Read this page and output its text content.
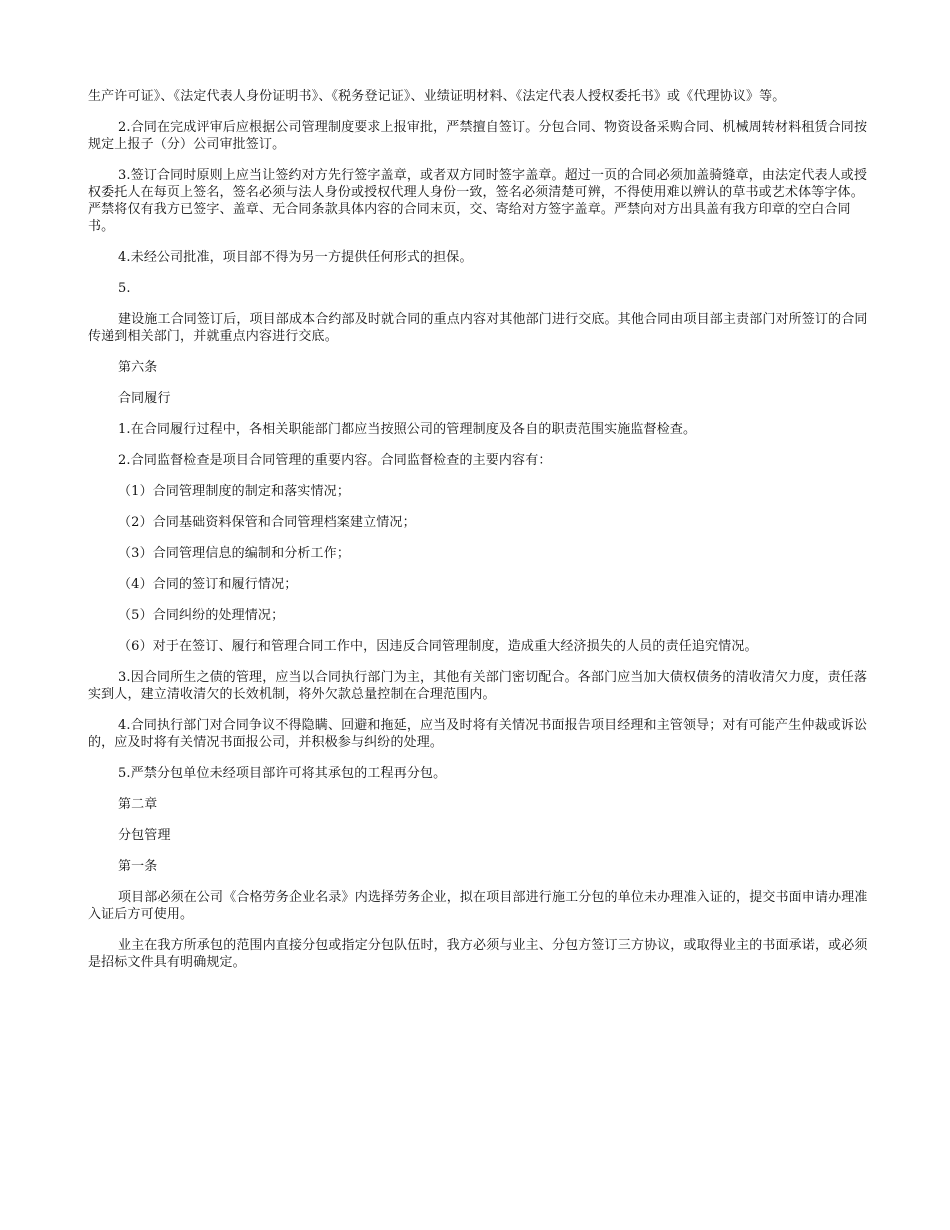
生产许可证》、《法定代表人身份证明书》、《税务登记证》、业绩证明材料、《法定代表人授权委托书》或《代理协议》等。

2.合同在完成评审后应根据公司管理制度要求上报审批，严禁擅自签订。分包合同、物资设备采购合同、机械周转材料租赁合同按规定上报子（分）公司审批签订。

3.签订合同时原则上应当让签约对方先行签字盖章，或者双方同时签字盖章。超过一页的合同必须加盖骑缝章，由法定代表人或授权委托人在每页上签名，签名必须与法人身份或授权代理人身份一致，签名必须清楚可辨，不得使用难以辨认的草书或艺术体等字体。严禁将仅有我方已签字、盖章、无合同条款具体内容的合同末页，交、寄给对方签字盖章。严禁向对方出具盖有我方印章的空白合同书。

4.未经公司批准，项目部不得为另一方提供任何形式的担保。

5.

建设施工合同签订后，项目部成本合约部及时就合同的重点内容对其他部门进行交底。其他合同由项目部主责部门对所签订的合同传递到相关部门，并就重点内容进行交底。

第六条

合同履行

1.在合同履行过程中，各相关职能部门都应当按照公司的管理制度及各自的职责范围实施监督检查。

2.合同监督检查是项目合同管理的重要内容。合同监督检查的主要内容有：

（1）合同管理制度的制定和落实情况；

（2）合同基础资料保管和合同管理档案建立情况；

（3）合同管理信息的编制和分析工作；

（4）合同的签订和履行情况；

（5）合同纠纷的处理情况；

（6）对于在签订、履行和管理合同工作中，因违反合同管理制度，造成重大经济损失的人员的责任追究情况。

3.因合同所生之债的管理，应当以合同执行部门为主，其他有关部门密切配合。各部门应当加大债权债务的清收清欠力度，责任落实到人，建立清收清欠的长效机制，将外欠款总量控制在合理范围内。

4.合同执行部门对合同争议不得隐瞒、回避和拖延，应当及时将有关情况书面报告项目经理和主管领导；对有可能产生仲裁或诉讼的，应及时将有关情况书面报公司，并积极参与纠纷的处理。

5.严禁分包单位未经项目部许可将其承包的工程再分包。

第二章

分包管理

第一条

项目部必须在公司《合格劳务企业名录》内选择劳务企业，拟在项目部进行施工分包的单位未办理准入证的，提交书面申请办理准入证后方可使用。

业主在我方所承包的范围内直接分包或指定分包队伍时，我方必须与业主、分包方签订三方协议，或取得业主的书面承诺，或必须是招标文件具有明确规定。
